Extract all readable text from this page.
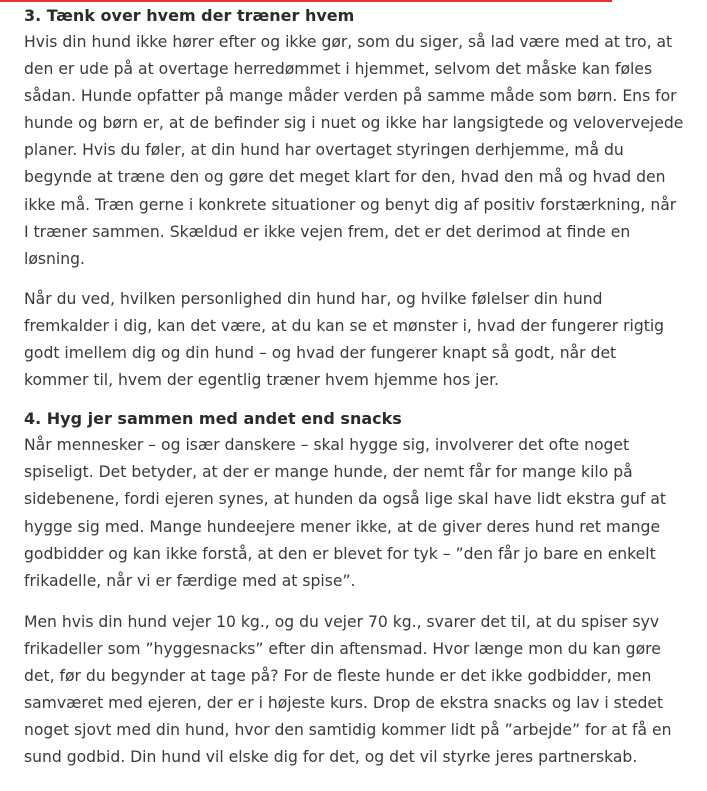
3. Tænk over hvem der træner hvem

Hvis din hund ikke hører efter og ikke gør, som du siger, så lad være med at tro, at den er ude på at overtage herredømmet i hjemmet, selvom det måske kan føles sådan. Hunde opfatter på mange måder verden på samme måde som børn. Ens for hunde og børn er, at de befinder sig i nuet og ikke har langsigtede og velovervejede planer. Hvis du føler, at din hund har overtaget styringen derhjemme, må du begynde at træne den og gøre det meget klart for den, hvad den må og hvad den ikke må. Træn gerne i konkrete situationer og benyt dig af positiv forstærkning, når I træner sammen. Skældud er ikke vejen frem, det er det derimod at finde en løsning.

Når du ved, hvilken personlighed din hund har, og hvilke følelser din hund fremkalder i dig, kan det være, at du kan se et mønster i, hvad der fungerer rigtig godt imellem dig og din hund – og hvad der fungerer knapt så godt, når det kommer til, hvem der egentlig træner hvem hjemme hos jer.

4. Hyg jer sammen med andet end snacks

Når mennesker – og især danskere – skal hygge sig, involverer det ofte noget spiseligt. Det betyder, at der er mange hunde, der nemt får for mange kilo på sidebenene, fordi ejeren synes, at hunden da også lige skal have lidt ekstra guf at hygge sig med. Mange hundeejere mener ikke, at de giver deres hund ret mange godbidder og kan ikke forstå, at den er blevet for tyk – ”den får jo bare en enkelt frikadelle, når vi er færdige med at spise”.

Men hvis din hund vejer 10 kg., og du vejer 70 kg., svarer det til, at du spiser syv frikadeller som ”hyggesnacks” efter din aftensmad. Hvor længe mon du kan gøre det, før du begynder at tage på? For de fleste hunde er det ikke godbidder, men samværet med ejeren, der er i højeste kurs. Drop de ekstra snacks og lav i stedet noget sjovt med din hund, hvor den samtidig kommer lidt på ”arbejde” for at få en sund godbid. Din hund vil elske dig for det, og det vil styrke jeres partnerskab.
